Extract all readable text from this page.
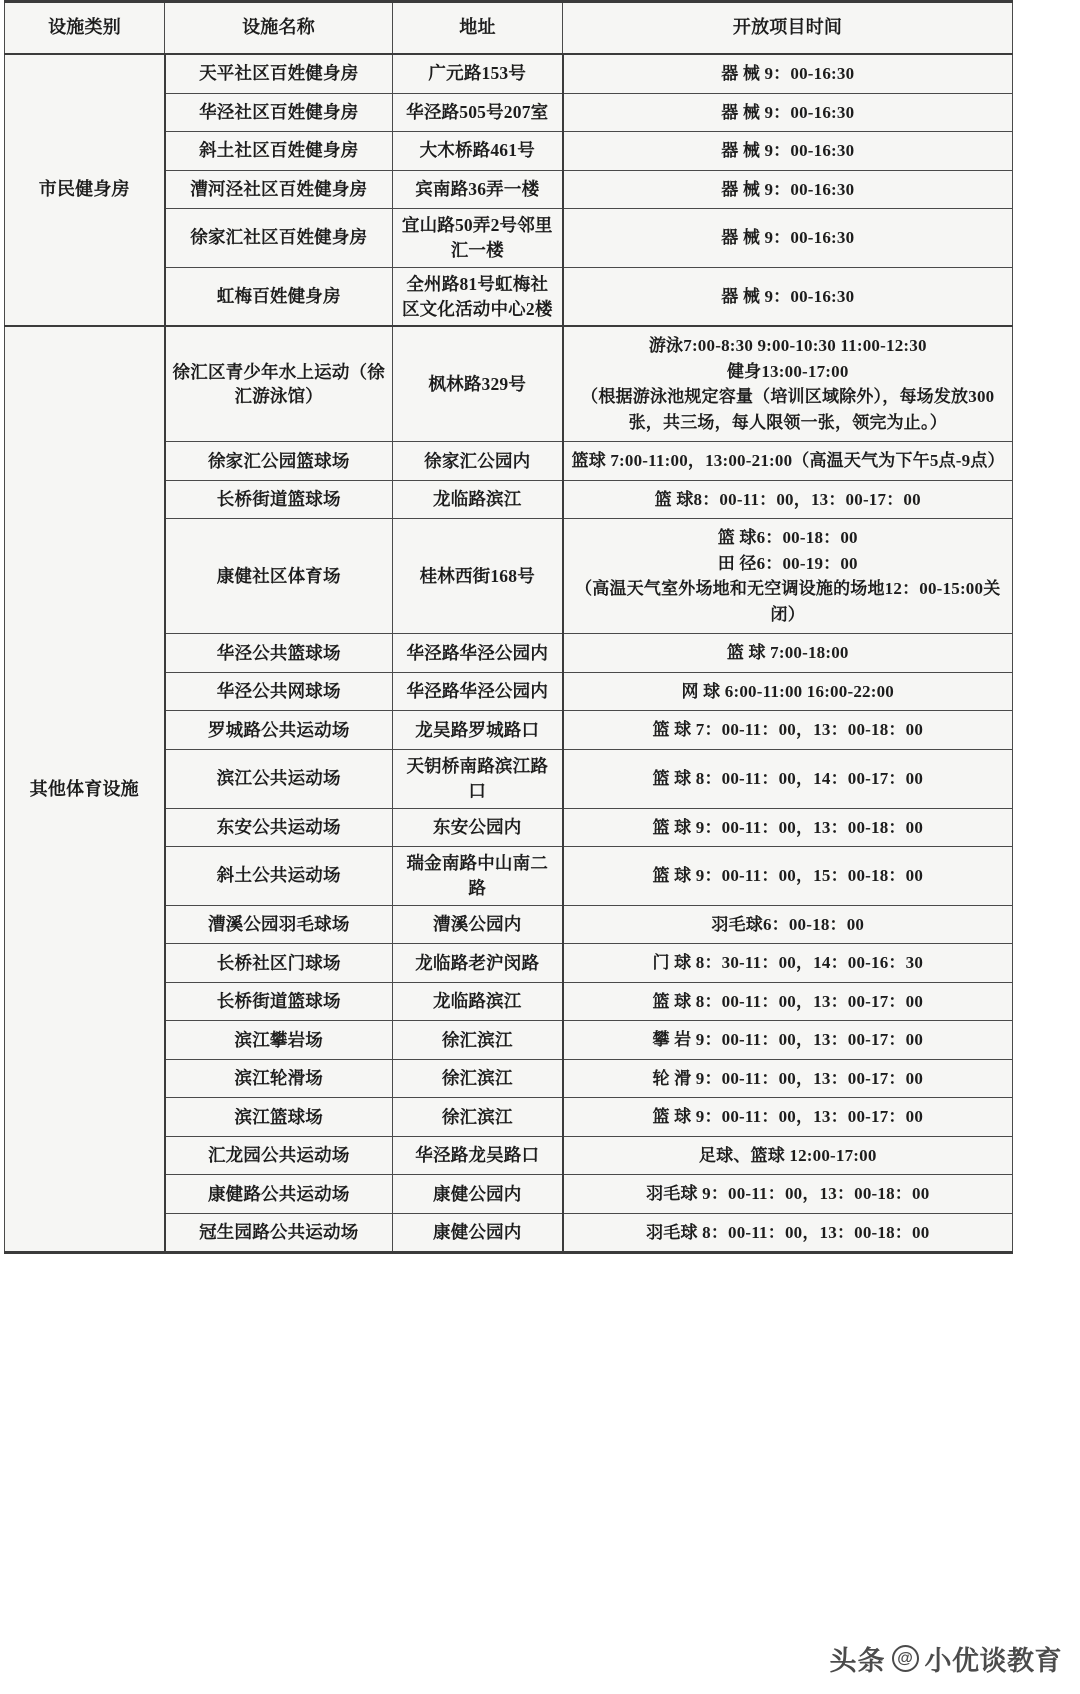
设施类别	设施名称	地址	开放项目时间
市民健身房	天平社区百姓健身房	广元路153号	器 械 9：00-16:30

	华泾社区百姓健身房	华泾路505号207室	器 械 9：00-16:30

	斜土社区百姓健身房	大木桥路461号	器 械 9：00-16:30

	漕河泾社区百姓健身房	宾南路36弄一楼	器 械 9：00-16:30

	徐家汇社区百姓健身房	宜山路50弄2号邻里汇一楼	器 械 9：00-16:30

	虹梅百姓健身房	全州路81号虹梅社区文化活动中心2楼	器 械 9：00-16:30

其他体育设施	徐汇区青少年水上运动（徐汇游泳馆）	枫林路329号	游泳7:00-8:30 9:00-10:30 11:00-12:30
健身13:00-17:00
（根据游泳池规定容量（培训区域除外），每场发放300张，共三场，每人限领一张，领完为止。）

	徐家汇公园篮球场	徐家汇公园内	篮球 7:00-11:00，13:00-21:00（高温天气为下午5点-9点）

	长桥街道篮球场	龙临路滨江	篮 球8：00-11：00，13：00-17：00

	康健社区体育场	桂林西街168号	篮 球6：00-18：00
田 径6：00-19：00
（高温天气室外场地和无空调设施的场地12：00-15:00关闭）

	华泾公共篮球场	华泾路华泾公园内	篮 球 7:00-18:00

	华泾公共网球场	华泾路华泾公园内	网 球 6:00-11:00 16:00-22:00

	罗城路公共运动场	龙吴路罗城路口	篮 球 7：00-11：00，13：00-18：00

	滨江公共运动场	天钥桥南路滨江路口	篮 球 8：00-11：00，14：00-17：00

	东安公共运动场	东安公园内	篮 球 9：00-11：00，13：00-18：00

	斜土公共运动场	瑞金南路中山南二路	篮 球 9：00-11：00，15：00-18：00

	漕溪公园羽毛球场	漕溪公园内	羽毛球6：00-18：00

	长桥社区门球场	龙临路老沪闵路	门 球 8：30-11：00，14：00-16：30

	长桥街道篮球场	龙临路滨江	篮 球 8：00-11：00，13：00-17：00

	滨江攀岩场	徐汇滨江	攀 岩 9：00-11：00，13：00-17：00

	滨江轮滑场	徐汇滨江	轮 滑 9：00-11：00，13：00-17：00

	滨江篮球场	徐汇滨江	篮 球 9：00-11：00，13：00-17：00

	汇龙园公共运动场	华泾路龙吴路口	足球、篮球 12:00-17:00

	康健路公共运动场	康健公园内	羽毛球 9：00-11：00，13：00-18：00

	冠生园路公共运动场	康健公园内	羽毛球 8：00-11：00，13：00-18：00
头条 @ 小优谈教育
